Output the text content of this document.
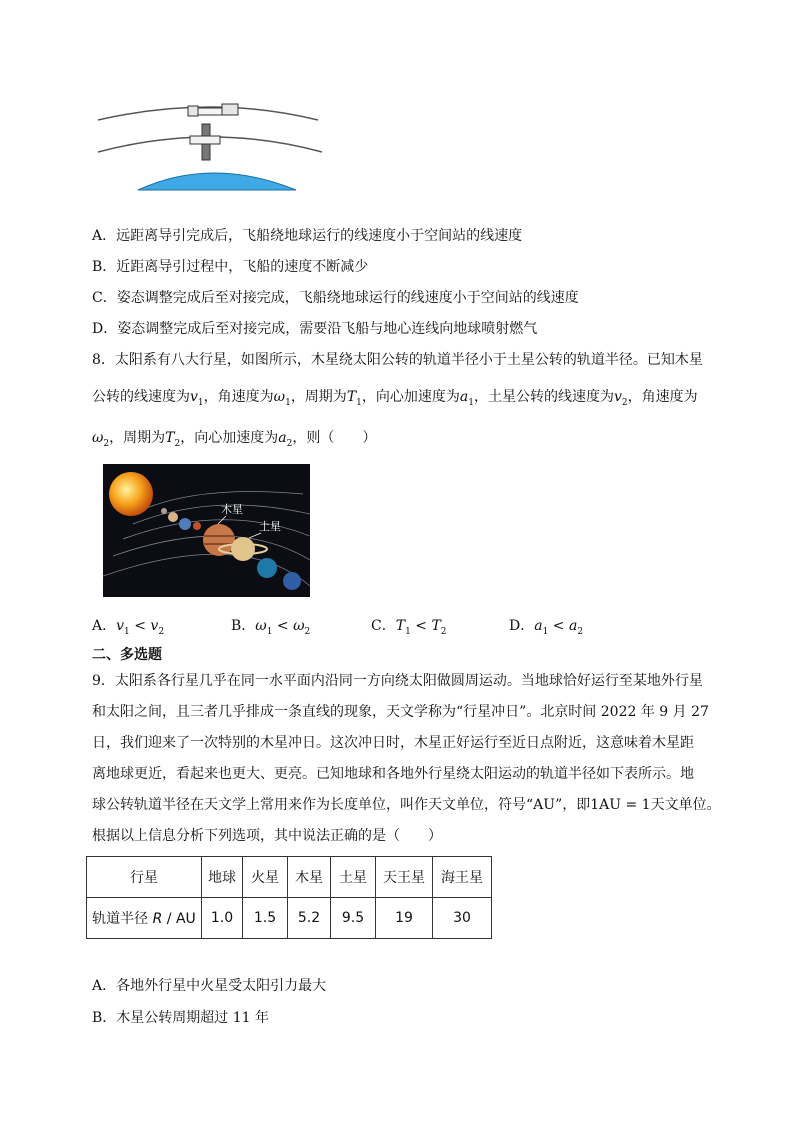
A．远距离导引完成后，飞船绕地球运行的线速度小于空间站的线速度
B．近距离导引过程中，飞船的速度不断减少
C．姿态调整完成后至对接完成，飞船绕地球运行的线速度小于空间站的线速度
D．姿态调整完成后至对接完成，需要沿飞船与地心连线向地球喷射燃气
8．太阳系有八大行星，如图所示，木星绕太阳公转的轨道半径小于土星公转的轨道半径。已知木星
公转的线速度为$v_1$，角速度为$\omega_1$，周期为$T_1$，向心加速度为$a_1$，土星公转的线速度为$v_2$，角速度为
$\omega_2$，周期为$T_2$，向心加速度为$a_2$，则（　　）
木星
土星
A．$v_1 < v_2$	B．$\omega_1 < \omega_2$	C．$T_1 < T_2$	D．$a_1 < a_2$
二、多选题
9．太阳系各行星几乎在同一水平面内沿同一方向绕太阳做圆周运动。当地球恰好运行至某地外行星
和太阳之间，且三者几乎排成一条直线的现象，天文学称为“行星冲日”。北京时间 2022 年 9 月 27
日，我们迎来了一次特别的木星冲日。这次冲日时，木星正好运行至近日点附近，这意味着木星距
离地球更近，看起来也更大、更亮。已知地球和各地外行星绕太阳运动的轨道半径如下表所示。地
球公转轨道半径在天文学上常用来作为长度单位，叫作天文单位，符号“AU”，即1AU = 1天文单位。
根据以上信息分析下列选项，其中说法正确的是（　　）
行星	地球	火星	木星	土星	天王星	海王星
轨道半径 R / AU	1.0	1.5	5.2	9.5	19	30
A．各地外行星中火星受太阳引力最大
B．木星公转周期超过 11 年
